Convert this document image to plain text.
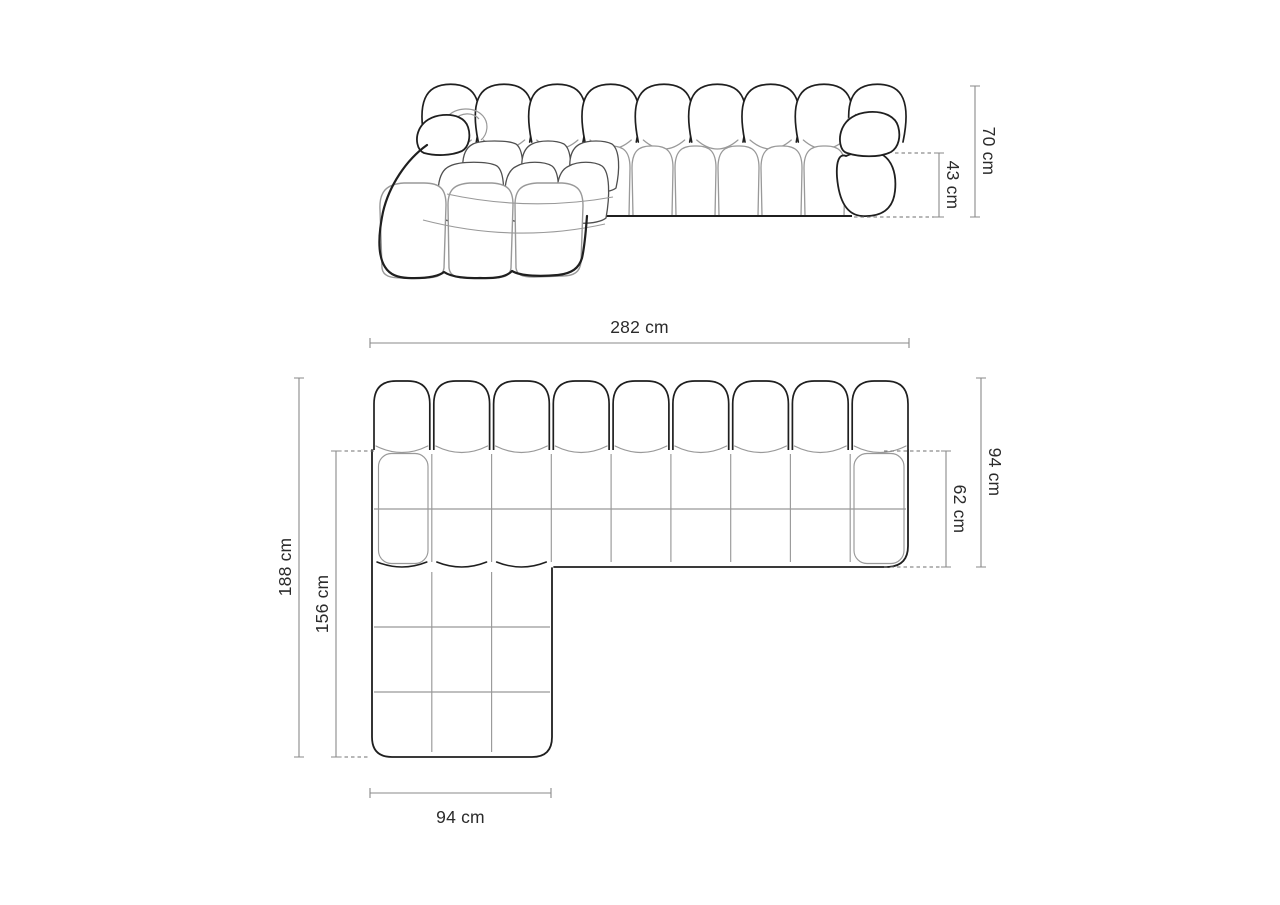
70 cm
43 cm
282 cm
94 cm
62 cm
188 cm
156 cm
94 cm
